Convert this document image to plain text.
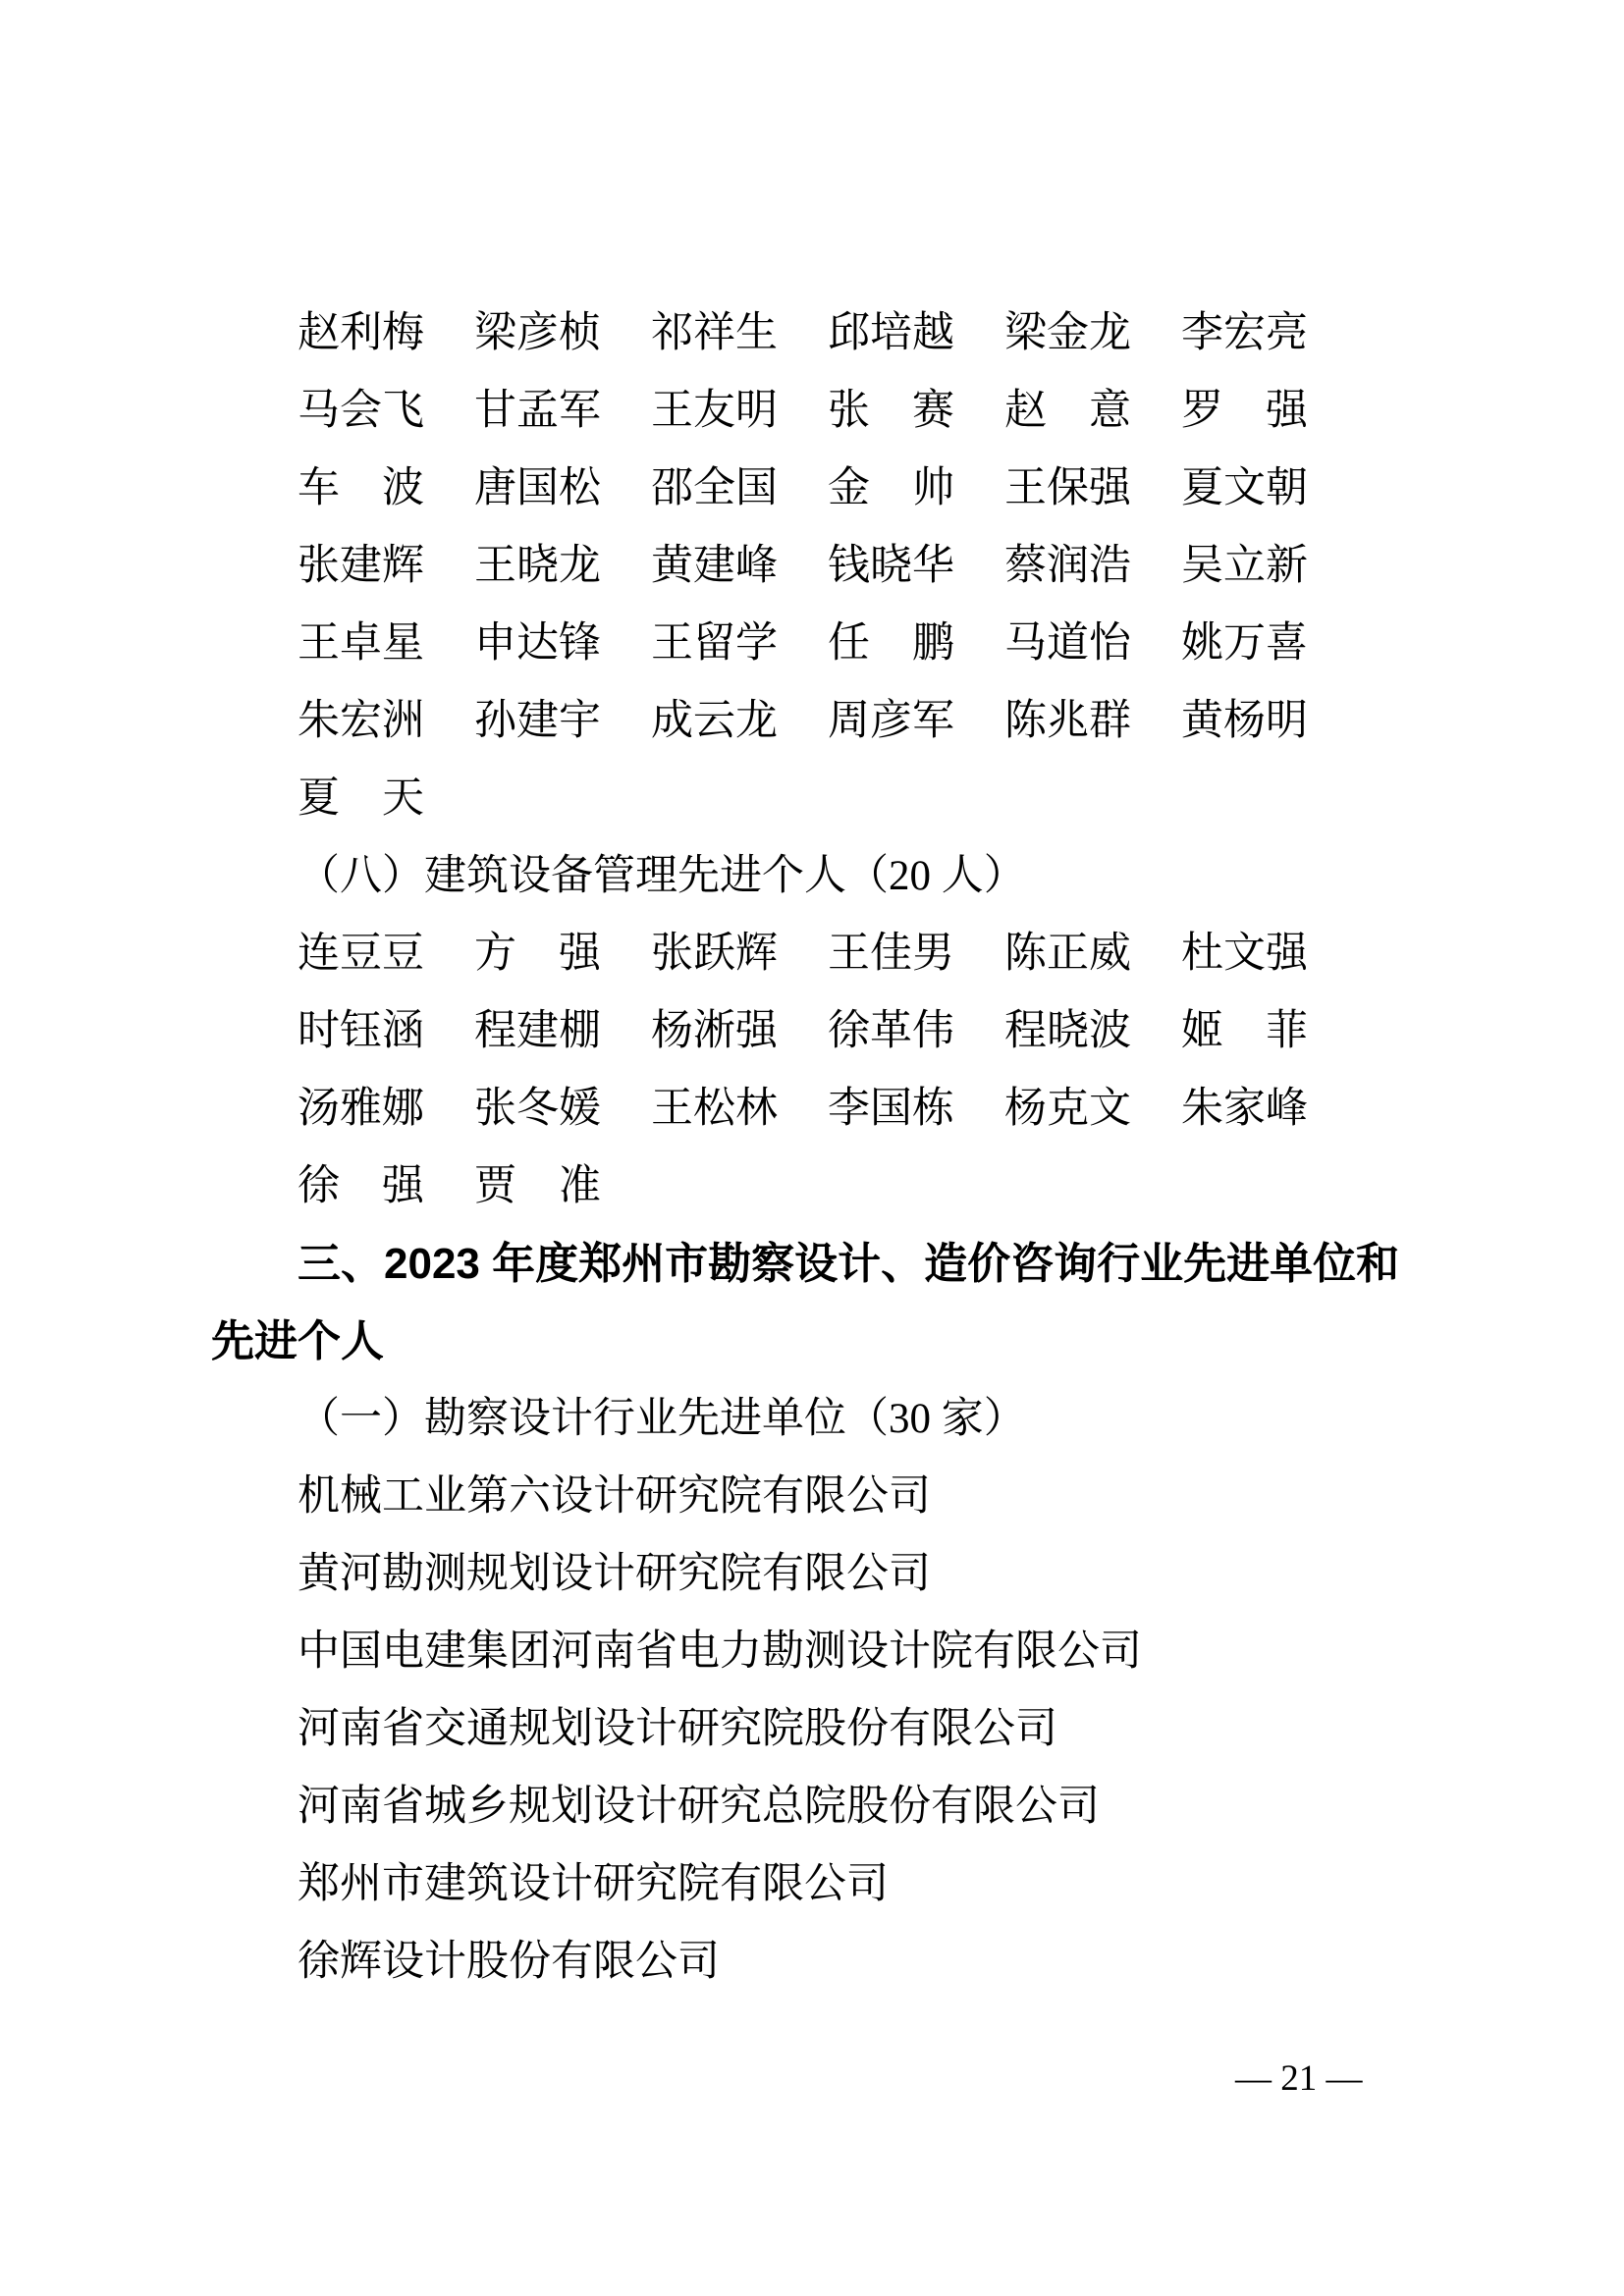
赵利梅 梁彦桢 祁祥生 邱培越 梁金龙 李宏亮
马会飞 甘孟军 王友明 张　赛 赵　意 罗　强
车　波 唐国松 邵全国 金　帅 王保强 夏文朝
张建辉 王晓龙 黄建峰 钱晓华 蔡润浩 吴立新
王卓星 申达锋 王留学 任　鹏 马道怡 姚万喜
朱宏洲 孙建宇 成云龙 周彦军 陈兆群 黄杨明
夏　天
（八）建筑设备管理先进个人（20 人）
连豆豆 方　强 张跃辉 王佳男 陈正威 杜文强
时钰涵 程建棚 杨淅强 徐革伟 程晓波 姬　菲
汤雅娜 张冬媛 王松林 李国栋 杨克文 朱家峰
徐　强 贾　准
三、2023 年度郑州市勘察设计、造价咨询行业先进单位和
先进个人
（一）勘察设计行业先进单位（30 家）
机械工业第六设计研究院有限公司
黄河勘测规划设计研究院有限公司
中国电建集团河南省电力勘测设计院有限公司
河南省交通规划设计研究院股份有限公司
河南省城乡规划设计研究总院股份有限公司
郑州市建筑设计研究院有限公司
徐辉设计股份有限公司
— 21 —
